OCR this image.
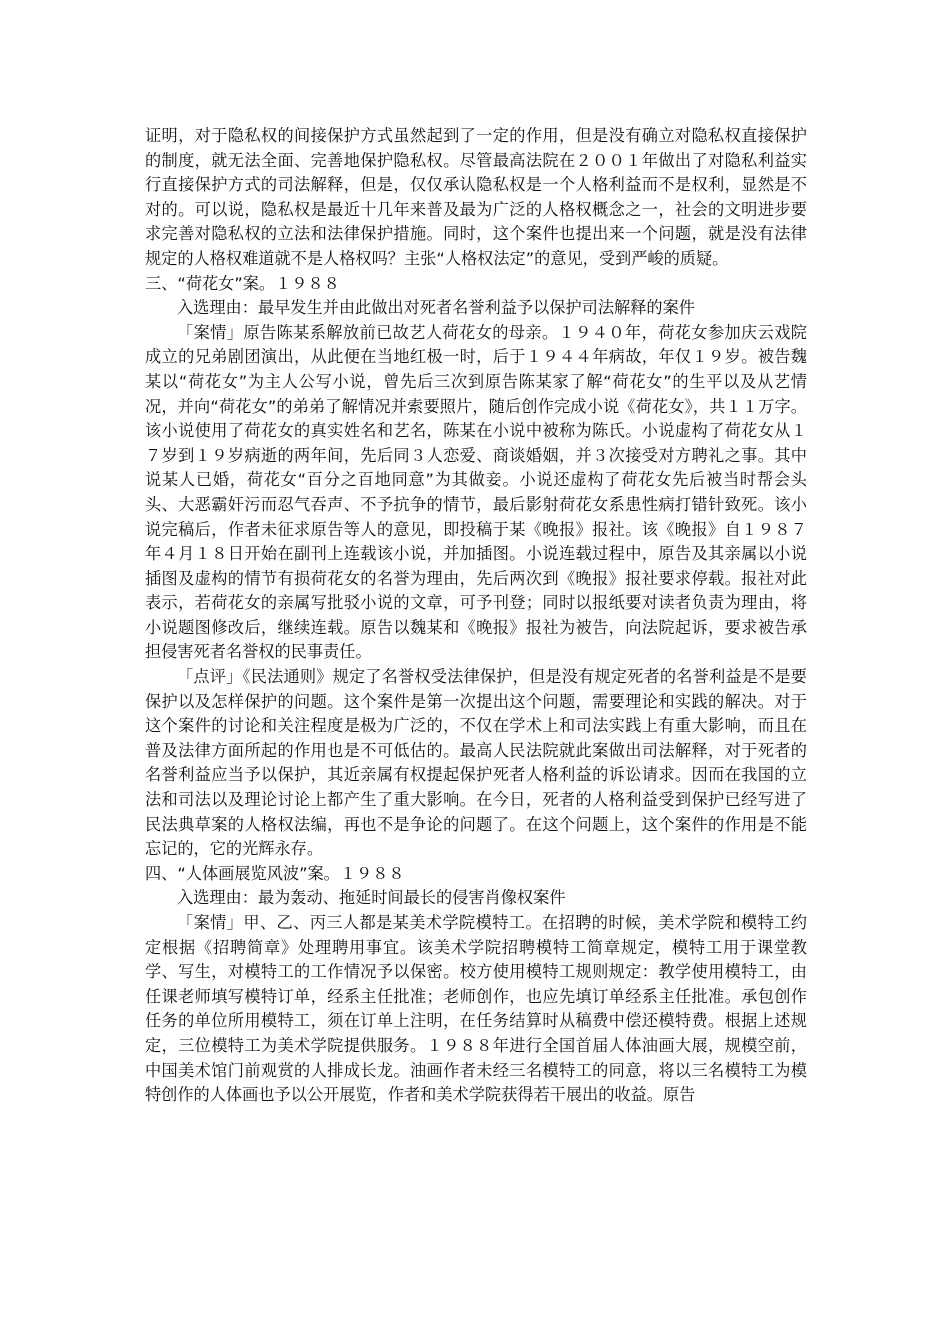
证明，对于隐私权的间接保护方式虽然起到了一定的作用，但是没有确立对隐私权直接保护的制度，就无法全面、完善地保护隐私权。尽管最高法院在２００１年做出了对隐私利益实行直接保护方式的司法解释，但是，仅仅承认隐私权是一个人格利益而不是权利，显然是不对的。可以说，隐私权是最近十几年来普及最为广泛的人格权概念之一，社会的文明进步要求完善对隐私权的立法和法律保护措施。同时，这个案件也提出来一个问题，就是没有法律规定的人格权难道就不是人格权吗？主张“人格权法定”的意见，受到严峻的质疑。

三、“荷花女”案。１９８８

入选理由：最早发生并由此做出对死者名誉利益予以保护司法解释的案件

「案情」原告陈某系解放前已故艺人荷花女的母亲。１９４０年，荷花女参加庆云戏院成立的兄弟剧团演出，从此便在当地红极一时，后于１９４４年病故，年仅１９岁。被告魏某以“荷花女”为主人公写小说，曾先后三次到原告陈某家了解“荷花女”的生平以及从艺情况，并向“荷花女”的弟弟了解情况并索要照片，随后创作完成小说《荷花女》，共１１万字。该小说使用了荷花女的真实姓名和艺名，陈某在小说中被称为陈氏。小说虚构了荷花女从１７岁到１９岁病逝的两年间，先后同３人恋爱、商谈婚姻，并３次接受对方聘礼之事。其中说某人已婚，荷花女“百分之百地同意”为其做妾。小说还虚构了荷花女先后被当时帮会头头、大恶霸奸污而忍气吞声、不予抗争的情节，最后影射荷花女系患性病打错针致死。该小说完稿后，作者未征求原告等人的意见，即投稿于某《晚报》报社。该《晚报》自１９８７年４月１８日开始在副刊上连载该小说，并加插图。小说连载过程中，原告及其亲属以小说插图及虚构的情节有损荷花女的名誉为理由，先后两次到《晚报》报社要求停载。报社对此表示，若荷花女的亲属写批驳小说的文章，可予刊登；同时以报纸要对读者负责为理由，将小说题图修改后，继续连载。原告以魏某和《晚报》报社为被告，向法院起诉，要求被告承担侵害死者名誉权的民事责任。

「点评」《民法通则》规定了名誉权受法律保护，但是没有规定死者的名誉利益是不是要保护以及怎样保护的问题。这个案件是第一次提出这个问题，需要理论和实践的解决。对于这个案件的讨论和关注程度是极为广泛的，不仅在学术上和司法实践上有重大影响，而且在普及法律方面所起的作用也是不可低估的。最高人民法院就此案做出司法解释，对于死者的名誉利益应当予以保护，其近亲属有权提起保护死者人格利益的诉讼请求。因而在我国的立法和司法以及理论讨论上都产生了重大影响。在今日，死者的人格利益受到保护已经写进了民法典草案的人格权法编，再也不是争论的问题了。在这个问题上，这个案件的作用是不能忘记的，它的光辉永存。

四、“人体画展览风波”案。１９８８

入选理由：最为轰动、拖延时间最长的侵害肖像权案件

「案情」甲、乙、丙三人都是某美术学院模特工。在招聘的时候，美术学院和模特工约定根据《招聘简章》处理聘用事宜。该美术学院招聘模特工简章规定，模特工用于课堂教学、写生，对模特工的工作情况予以保密。校方使用模特工规则规定：教学使用模特工，由任课老师填写模特订单，经系主任批准；老师创作，也应先填订单经系主任批准。承包创作任务的单位所用模特工，须在订单上注明，在任务结算时从稿费中偿还模特费。根据上述规定，三位模特工为美术学院提供服务。１９８８年进行全国首届人体油画大展，规模空前，中国美术馆门前观赏的人排成长龙。油画作者未经三名模特工的同意，将以三名模特工为模特创作的人体画也予以公开展览，作者和美术学院获得若干展出的收益。原告
